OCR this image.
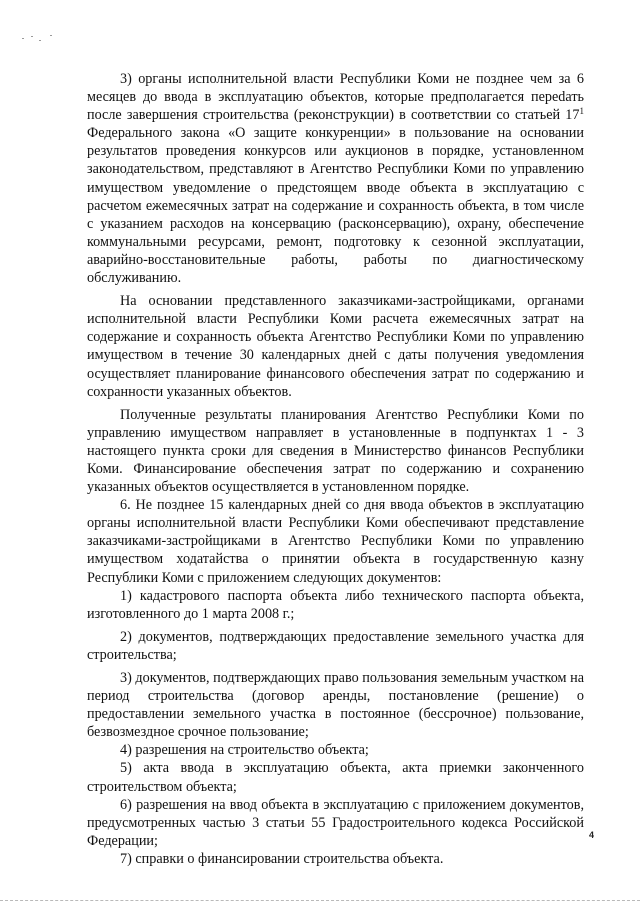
3) органы исполнительной власти Республики Коми не позднее чем за 6 месяцев до ввода в эксплуатацию объектов, которые предполагается переdать после завершения строительства (реконструкции) в соответствии со статьей $17^1$ Федерального закона «О защите конкуренции» в пользование на основании результатов проведения конкурсов или аукционов в порядке, установленном законодательством, представляют в Агентство Республики Коми по управлению имуществом уведомление о предстоящем вводе объекта в эксплуатацию с расчетом ежемесячных затрат на содержание и сохранность объекта, в том числе с указанием расходов на консервацию (расконсервацию), охрану, обеспечение коммунальными ресурсами, ремонт, подготовку к сезонной эксплуатации, аварийно-восстановительные работы, работы по диагностическому обслуживанию.

На основании представленного заказчиками-застройщиками, органами исполнительной власти Республики Коми расчета ежемесячных затрат на содержание и сохранность объекта Агентство Республики Коми по управлению имуществом в течение 30 календарных дней с даты получения уведомления осуществляет планирование финансового обеспечения затрат по содержанию и сохранности указанных объектов.

Полученные результаты планирования Агентство Республики Коми по управлению имуществом направляет в установленные в подпунктах 1 - 3 настоящего пункта сроки для сведения в Министерство финансов Республики Коми. Финансирование обеспечения затрат по содержанию и сохранению указанных объектов осуществляется в установленном порядке.

6. Не позднее 15 календарных дней со дня ввода объектов в эксплуатацию органы исполнительной власти Республики Коми обеспечивают представление заказчиками-застройщиками в Агентство Республики Коми по управлению имуществом ходатайства о принятии объекта в государственную казну Республики Коми с приложением следующих документов:

1) кадастрового паспорта объекта либо технического паспорта объекта, изготовленного до 1 марта 2008 г.;

2) документов, подтверждающих предоставление земельного участка для строительства;

3) документов, подтверждающих право пользования земельным участком на период строительства (договор аренды, постановление (решение) о предоставлении земельного участка в постоянное (бессрочное) пользование, безвозмездное срочное пользование;

4) разрешения на строительство объекта;

5) акта ввода в эксплуатацию объекта, акта приемки законченного строительством объекта;

6) разрешения на ввод объекта в эксплуатацию с приложением документов, предусмотренных частью 3 статьи 55 Градостроительного кодекса Российской Федерации;

7) справки о финансировании строительства объекта.

4
